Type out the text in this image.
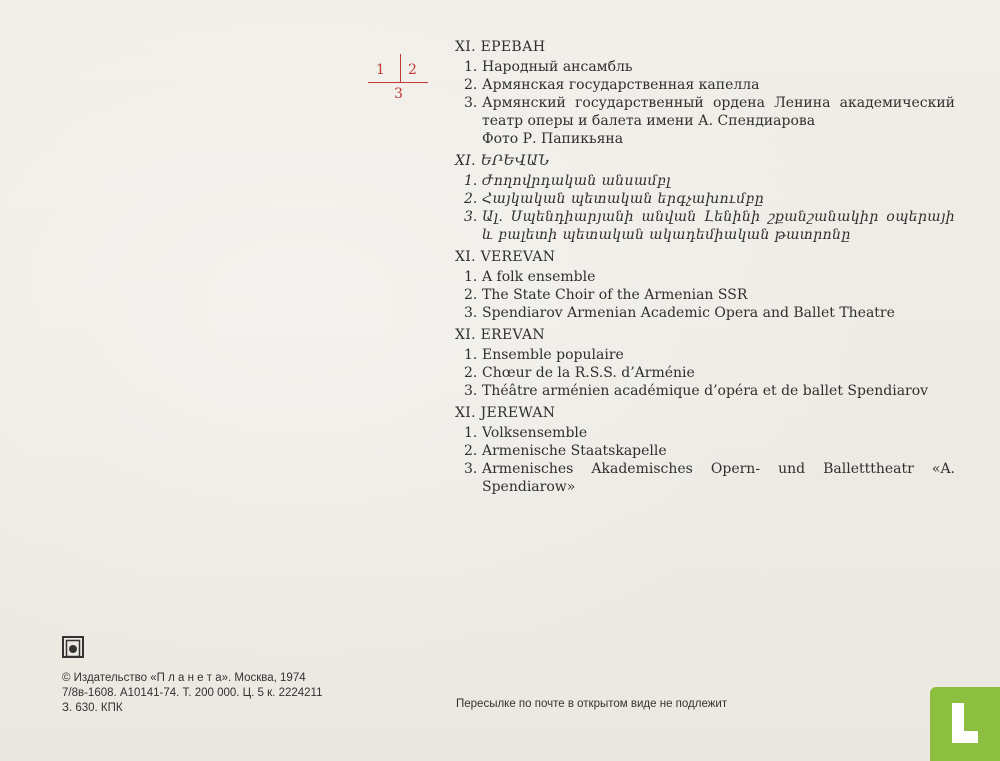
1 2
3
XI. ЕРЕВАН
1. Народный ансамбль
2. Армянская государственная капелла
3. Армянский государственный ордена Ленина академический театр оперы и балета имени А. Спендиарова
Фото Р. Папикьяна
XI. ԵՐԵՎԱՆ
1. Ժողովրդական անսամբլ
2. Հայկական պետական երգչախումբը
3. Ալ. Սպենդիարյանի անվան Լենինի շքանշանակիր օպերայի և բալետի պետական ակադեմիական թատրոնը
XI. VEREVAN
1. A folk ensemble
2. The State Choir of the Armenian SSR
3. Spendiarov Armenian Academic Opera and Ballet Theatre
XI. EREVAN
1. Ensemble populaire
2. Chœur de la R.S.S. d’Arménie
3. Théâtre arménien académique d’opéra et de ballet Spendiarov
XI. JEREWAN
1. Volksensemble
2. Armenische Staatskapelle
3. Armenisches Akademisches Opern- und Balletttheatr «A. Spendiarow»
© Издательство «П л а н е т а». Москва, 1974
7/8в-1608. А10141-74. Т. 200 000. Ц. 5 к. 2224211
З. 630. КПК	Пересылке по почте в открытом виде не подлежит
